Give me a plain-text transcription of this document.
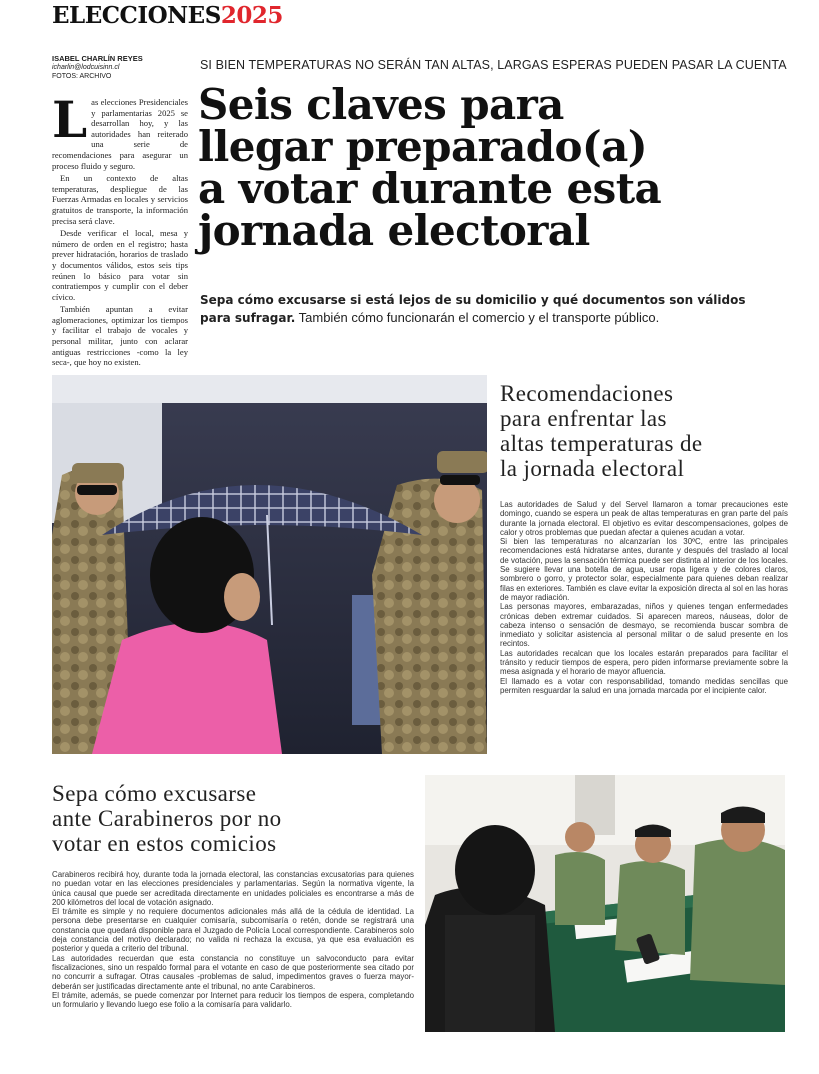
ELECCIONES2025
ISABEL CHARLÍN REYES
icharlin@lodcuisinn.cl
FOTOS: ARCHIVO
SI BIEN TEMPERATURAS NO SERÁN TAN ALTAS, LARGAS ESPERAS PUEDEN PASAR LA CUENTA
Seis claves para
llegar preparado(a)
a votar durante esta
jornada electoral

Sepa cómo excusarse si está lejos de su domicilio y qué documentos son válidos para sufragar. También cómo funcionarán el comercio y el transporte público.

Las elecciones Presidenciales y parlamentarias 2025 se desarrollan hoy, y las autoridades han reiterado una serie de recomendaciones para asegurar un proceso fluido y seguro.

En un contexto de altas temperaturas, despliegue de las Fuerzas Armadas en locales y servicios gratuitos de transporte, la información precisa será clave.

Desde verificar el local, mesa y número de orden en el registro; hasta prever hidratación, horarios de traslado y documentos válidos, estos seis tips reúnen lo básico para votar sin contratiempos y cumplir con el deber cívico.

También apuntan a evitar aglomeraciones, optimizar los tiempos y facilitar el trabajo de vocales y personal militar, junto con aclarar antiguas restricciones -como la ley seca-, que hoy no existen.

Recomendaciones
para enfrentar las
altas temperaturas de
la jornada electoral

Las autoridades de Salud y del Servel llamaron a tomar precauciones este domingo, cuando se espera un peak de altas temperaturas en gran parte del país durante la jornada electoral. El objetivo es evitar descompensaciones, golpes de calor y otros problemas que puedan afectar a quienes acudan a votar.

Si bien las temperaturas no alcanzarían los 30ºC, entre las principales recomendaciones está hidratarse antes, durante y después del traslado al local de votación, pues la sensación térmica puede ser distinta al interior de los locales. Se sugiere llevar una botella de agua, usar ropa ligera y de colores claros, sombrero o gorro, y protector solar, especialmente para quienes deban realizar filas en exteriores. También es clave evitar la exposición directa al sol en las horas de mayor radiación.

Las personas mayores, embarazadas, niños y quienes tengan enfermedades crónicas deben extremar cuidados. Si aparecen mareos, náuseas, dolor de cabeza intenso o sensación de desmayo, se recomienda buscar sombra de inmediato y solicitar asistencia al personal militar o de salud presente en los recintos.

Las autoridades recalcan que los locales estarán preparados para facilitar el tránsito y reducir tiempos de espera, pero piden informarse previamente sobre la mesa asignada y el horario de mayor afluencia.

El llamado es a votar con responsabilidad, tomando medidas sencillas que permiten resguardar la salud en una jornada marcada por el incipiente calor.

Sepa cómo excusarse
ante Carabineros por no
votar en estos comicios

Carabineros recibirá hoy, durante toda la jornada electoral, las constancias excusatorias para quienes no puedan votar en las elecciones presidenciales y parlamentarias. Según la normativa vigente, la única causal que puede ser acreditada directamente en unidades policiales es encontrarse a más de 200 kilómetros del local de votación asignado.

El trámite es simple y no requiere documentos adicionales más allá de la cédula de identidad. La persona debe presentarse en cualquier comisaría, subcomisaría o retén, donde se registrará una constancia que quedará disponible para el Juzgado de Policía Local correspondiente. Carabineros solo deja constancia del motivo declarado; no valida ni rechaza la excusa, ya que esa evaluación es posterior y queda a criterio del tribunal.

Las autoridades recuerdan que esta constancia no constituye un salvoconducto para evitar fiscalizaciones, sino un respaldo formal para el votante en caso de que posteriormente sea citado por no concurrir a sufragar. Otras causales -problemas de salud, impedimentos graves o fuerza mayor- deberán ser justificadas directamente ante el tribunal, no ante Carabineros.

El trámite, además, se puede comenzar por Internet para reducir los tiempos de espera, completando un formulario y llevando luego ese folio a la comisaría para validarlo.
